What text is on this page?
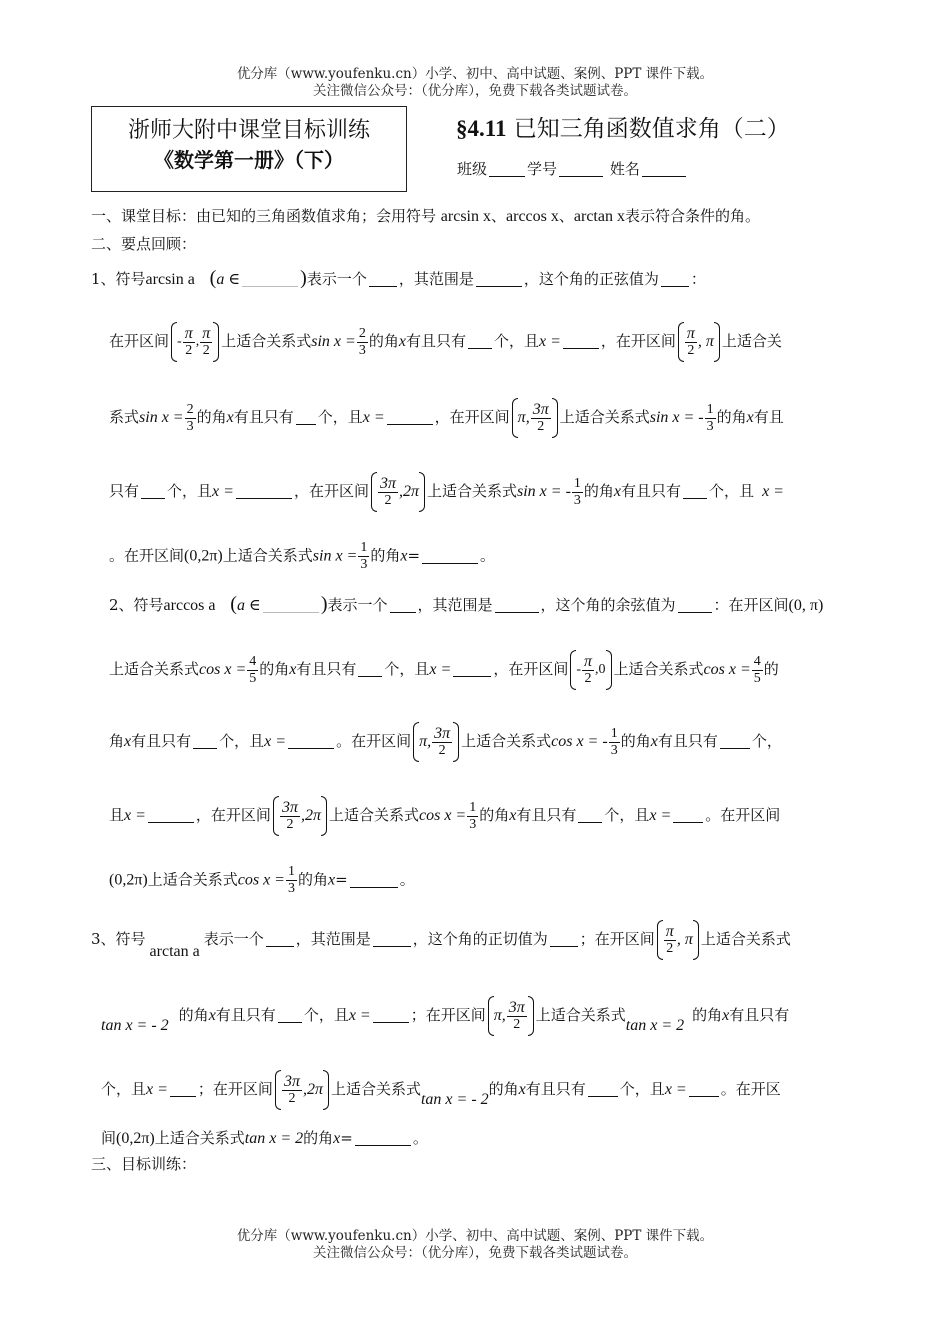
优分库（www.youfenku.cn）小学、初中、高中试题、案例、PPT 课件下载。
关注微信公众号：（优分库），免费下载各类试题试卷。
浙师大附中课堂目标训练
《数学第一册》（下）
§4.11 已知三角函数值求角（二）
班级	学号	姓名
一、课堂目标：由已知的三角函数值求角；会用符号 arcsin x、arccos x、arctan x表示符合条件的角。
二、要点回顾：
1、符号arcsin a (a ∈	)表示一个 ，其范围是	，这个角的正弦值为 ：
在开区间 - $\frac{\pi}{2}$ , $\frac{\pi}{2}$ 上适合关系式$\sin x = \frac{2}{3}$ 的角x有且只有 个，且x =	，在开区间 $\frac{\pi}{2}$ , π 上适合关
系式$\sin x = \frac{2}{3}$ 的角x有且只有 个，且x =	，在开区间 π, $\frac{3\pi}{2}$ 上适合关系式sin x = - $\frac{1}{3}$ 的角x有且
只有 个，且x =	，在开区间 $\frac{3\pi}{2} ,2\pi$ 上适合关系式sin x = - $\frac{1}{3}$ 的角x有且只有 个，且 x =
。在开区间(0,2π)上适合关系式$\sin x = \frac{1}{3}$ 的角x=	。
2、符号arccos a (a ∈	)表示一个 ，其范围是	，这个角的余弦值为	：在开区间(0, π)
上适合关系式$\cos x = \frac{4}{5}$ 的角x有且只有 个，且x =	，在开区间 - $\frac{\pi}{2} ,0$ 上适合关系式$\cos x = \frac{4}{5}$ 的
角x有且只有 个，且x =	。在开区间 π, $\frac{3\pi}{2}$ 上适合关系式cos x = - $\frac{1}{3}$ 的角x有且只有 个，
且x =	，在开区间 $\frac{3\pi}{2} ,2\pi$ 上适合关系式$\cos x = \frac{1}{3}$ 的角x有且只有 个，且x = 。在开区间
(0,2π)上适合关系式$\cos x = \frac{1}{3}$ 的角x=	。
3、符号arctan a表示一个 ，其范围是	，这个角的正切值为 ；在开区间 $\frac{\pi}{2}$ , π 上适合关系式
tan x = - 2的角x有且只有 个，且x =	；在开区间 π, $\frac{3\pi}{2}$ 上适合关系式tan x = 2的角x有且只有
个，且x = ；在开区间 $\frac{3\pi}{2} ,2\pi$ 上适合关系式tan x = - 2的角x有且只有 个，且x = 。在开区
间(0,2π)上适合关系式tan x = 2的角x=	。
三、目标训练：
优分库（www.youfenku.cn）小学、初中、高中试题、案例、PPT 课件下载。
关注微信公众号：（优分库），免费下载各类试题试卷。
